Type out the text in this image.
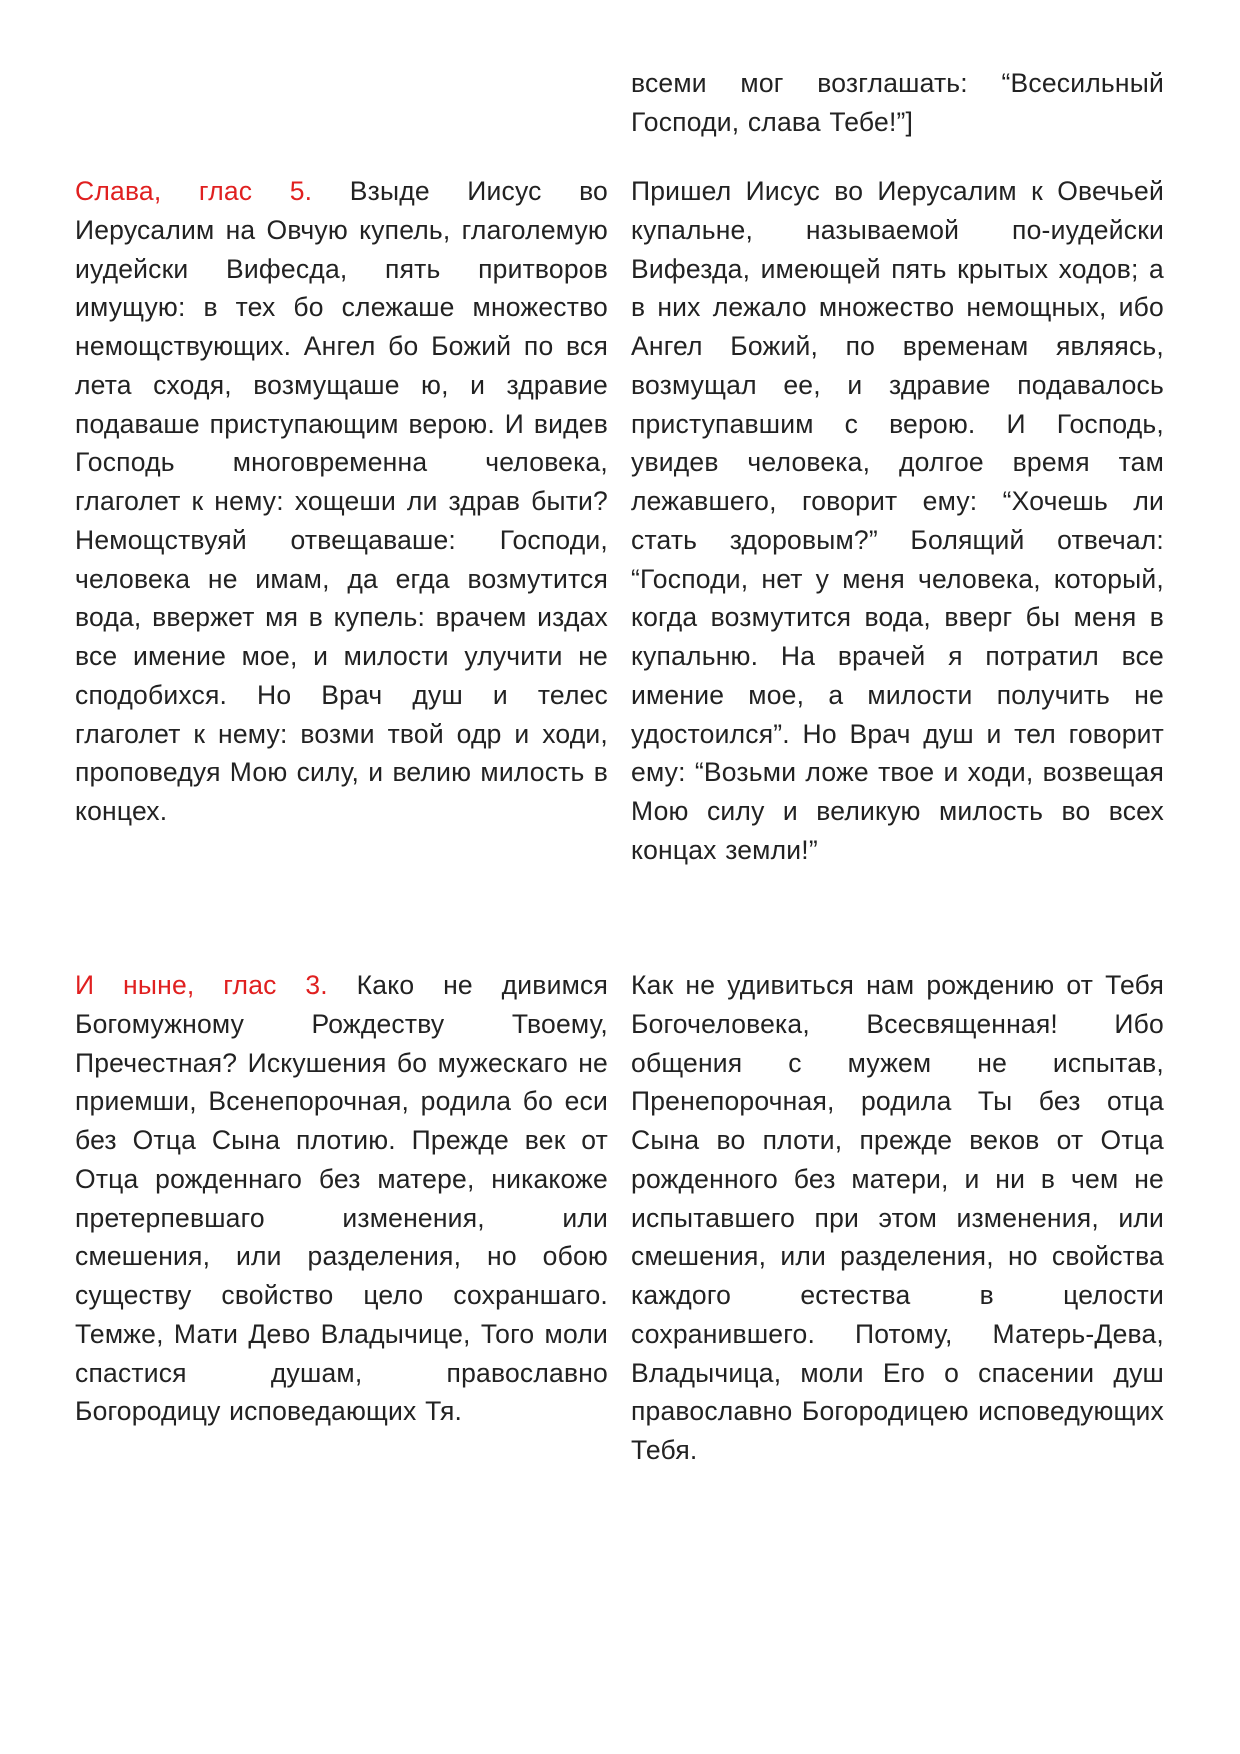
всеми мог возглашать: “Всесильный Господи, слава Тебе!”]

Слава, глас 5. Взыде Иисус во Иерусалим на Овчую купель, глаголемую иудейски Вифесда, пять притворов имущую: в тех бо слежаше множество немощствующих. Ангел бо Божий по вся лета сходя, возмущаше ю, и здравие подаваше приступающим верою. И видев Господь многовременна человека, глаголет к нему: хощеши ли здрав быти? Немощствуяй отвещаваше: Господи, человека не имам, да егда возмутится вода, ввержет мя в купель: врачем издах все имение мое, и милости улучити не сподобихся. Но Врач душ и телес глаголет к нему: возми твой одр и ходи, проповедуя Мою силу, и велию милость в концех.

Пришел Иисус во Иерусалим к Овечьей купальне, называемой по-иудейски Вифезда, имеющей пять крытых ходов; а в них лежало множество немощных, ибо Ангел Божий, по временам являясь, возмущал ее, и здравие подавалось приступавшим с верою. И Господь, увидев человека, долгое время там лежавшего, говорит ему: “Хочешь ли стать здоровым?” Болящий отвечал: “Господи, нет у меня человека, который, когда возмутится вода, вверг бы меня в купальню. На врачей я потратил все имение мое, а милости получить не удостоился”. Но Врач душ и тел говорит ему: “Возьми ложе твое и ходи, возвещая Мою силу и великую милость во всех концах земли!”

И ныне, глас 3. Како не дивимся Богомужному Рождеству Твоему, Пречестная? Искушения бо мужескаго не приемши, Всенепорочная, родила бо еси без Отца Сына плотию. Прежде век от Отца рожденнаго без матере, никакоже претерпевшаго изменения, или смешения, или разделения, но обою существу свойство цело сохраншаго. Темже, Мати Дево Владычице, Того моли спастися душам, православно Богородицу исповедающих Тя.

Как не удивиться нам рождению от Тебя Богочеловека, Всесвященная! Ибо общения с мужем не испытав, Пренепорочная, родила Ты без отца Сына во плоти, прежде веков от Отца рожденного без матери, и ни в чем не испытавшего при этом изменения, или смешения, или разделения, но свойства каждого естества в целости сохранившего. Потому, Матерь-Дева, Владычица, моли Его о спасении душ православно Богородицею исповедующих Тебя.
